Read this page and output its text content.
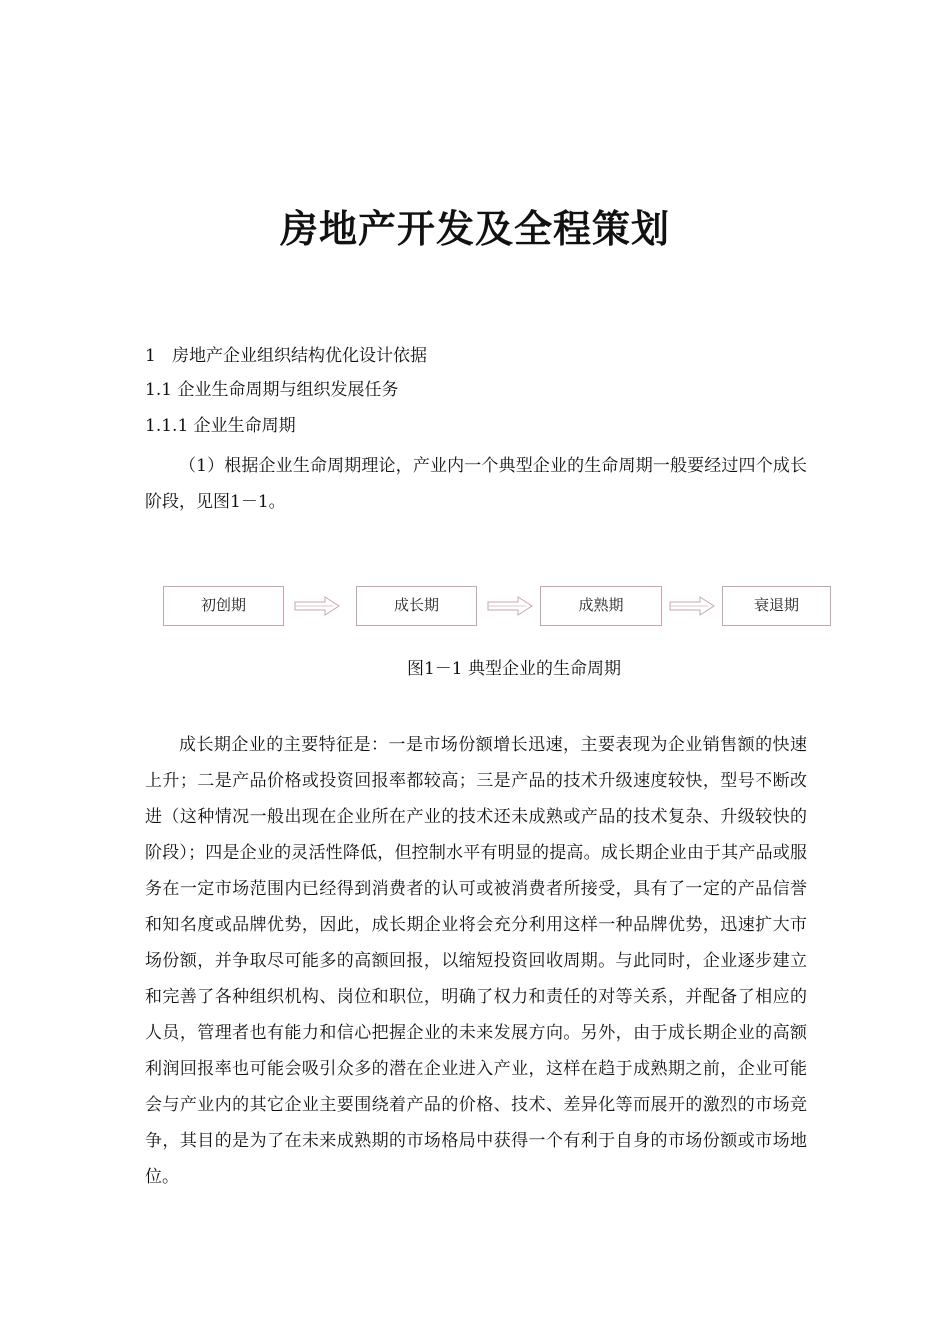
房地产开发及全程策划
1 房地产企业组织结构优化设计依据
1.1 企业生命周期与组织发展任务
1.1.1 企业生命周期
（1）根据企业生命周期理论，产业内一个典型企业的生命周期一般要经过四个成长阶段，见图1－1。
初创期	成长期	成熟期	衰退期
图1－1 典型企业的生命周期
成长期企业的主要特征是：一是市场份额增长迅速，主要表现为企业销售额的快速上升；二是产品价格或投资回报率都较高；三是产品的技术升级速度较快，型号不断改进（这种情况一般出现在企业所在产业的技术还未成熟或产品的技术复杂、升级较快的阶段）；四是企业的灵活性降低，但控制水平有明显的提高。成长期企业由于其产品或服务在一定市场范围内已经得到消费者的认可或被消费者所接受，具有了一定的产品信誉和知名度或品牌优势，因此，成长期企业将会充分利用这样一种品牌优势，迅速扩大市场份额，并争取尽可能多的高额回报，以缩短投资回收周期。与此同时，企业逐步建立和完善了各种组织机构、岗位和职位，明确了权力和责任的对等关系，并配备了相应的人员，管理者也有能力和信心把握企业的未来发展方向。另外，由于成长期企业的高额利润回报率也可能会吸引众多的潜在企业进入产业，这样在趋于成熟期之前，企业可能会与产业内的其它企业主要围绕着产品的价格、技术、差异化等而展开的激烈的市场竞争，其目的是为了在未来成熟期的市场格局中获得一个有利于自身的市场份额或市场地位。
